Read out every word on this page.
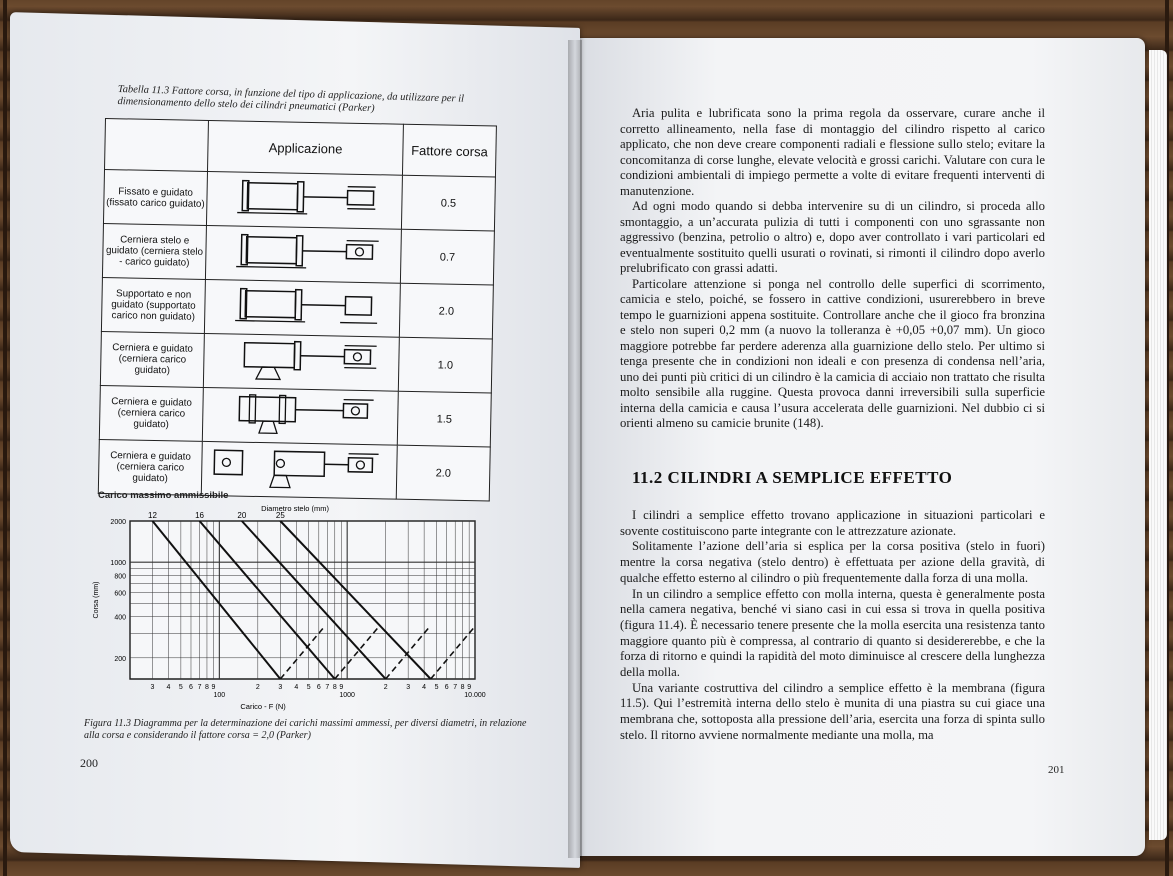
Tabella 11.3 Fattore corsa, in funzione del tipo di applicazione, da utilizzare per il dimensionamento dello stelo dei cilindri pneumatici (Parker)
	Applicazione	Fattore corsa
Fissato e guidato (fissato carico guidato)		0.5
Cerniera stelo e guidato (cerniera stelo - carico guidato)		0.7
Supportato e non guidato (supportato carico non guidato)		2.0
Cerniera e guidato (cerniera carico guidato)		1.0
Cerniera e guidato (cerniera carico guidato)		1.5
Cerniera e guidato (cerniera carico guidato)		2.0
Carico massimo ammissibile
12	16	20	25
Diametro stelo (mm)
2000
1000
800
600
400
200
Corsa (mm)
3 4 5 6 7 8 9
100
2	3 4 5 6 7 8 9
1000
2	3 4 5 6 7 8 9
10.000
Carico - F (N)
Figura 11.3 Diagramma per la determinazione dei carichi massimi ammessi, per diversi diametri, in relazione alla corsa e considerando il fattore corsa = 2,0 (Parker)
200

Aria pulita e lubrificata sono la prima regola da osservare, curare anche il corretto allineamento, nella fase di montaggio del cilindro rispetto al carico applicato, che non deve creare componenti radiali e flessione sullo stelo; evitare la concomitanza di corse lunghe, elevate velocità e grossi carichi. Valutare con cura le condizioni ambientali di impiego permette a volte di evitare frequenti interventi di manutenzione.

Ad ogni modo quando si debba intervenire su di un cilindro, si proceda allo smontaggio, a un’accurata pulizia di tutti i componenti con uno sgrassante non aggressivo (benzina, petrolio o altro) e, dopo aver controllato i vari particolari ed eventualmente sostituito quelli usurati o rovinati, si rimonti il cilindro dopo averlo prelubrificato con grassi adatti.

Particolare attenzione si ponga nel controllo delle superfici di scorrimento, camicia e stelo, poiché, se fossero in cattive condizioni, usurerebbero in breve tempo le guarnizioni appena sostituite. Controllare anche che il gioco fra bronzina e stelo non superi 0,2 mm (a nuovo la tolleranza è +0,05 +0,07 mm). Un gioco maggiore potrebbe far perdere aderenza alla guarnizione dello stelo. Per ultimo si tenga presente che in condizioni non ideali e con presenza di condensa nell’aria, uno dei punti più critici di un cilindro è la camicia di acciaio non trattato che risulta molto sensibile alla ruggine. Questa provoca danni irreversibili sulla superficie interna della camicia e causa l’usura accelerata delle guarnizioni. Nel dubbio ci si orienti almeno su camicie brunite (148).

11.2 CILINDRI A SEMPLICE EFFETTO

I cilindri a semplice effetto trovano applicazione in situazioni particolari e sovente costituiscono parte integrante con le attrezzature azionate.

Solitamente l’azione dell’aria si esplica per la corsa positiva (stelo in fuori) mentre la corsa negativa (stelo dentro) è effettuata per azione della gravità, di qualche effetto esterno al cilindro o più frequentemente dalla forza di una molla.

In un cilindro a semplice effetto con molla interna, questa è generalmente posta nella camera negativa, benché vi siano casi in cui essa si trova in quella positiva (figura 11.4). È necessario tenere presente che la molla esercita una resistenza tanto maggiore quanto più è compressa, al contrario di quanto si desidererebbe, e che la forza di ritorno e quindi la rapidità del moto diminuisce al crescere della lunghezza della molla.

Una variante costruttiva del cilindro a semplice effetto è la membrana (figura 11.5). Qui l’estremità interna dello stelo è munita di una piastra su cui giace una membrana che, sottoposta alla pressione dell’aria, esercita una forza di spinta sullo stelo. Il ritorno avviene normalmente mediante una molla, ma

201
